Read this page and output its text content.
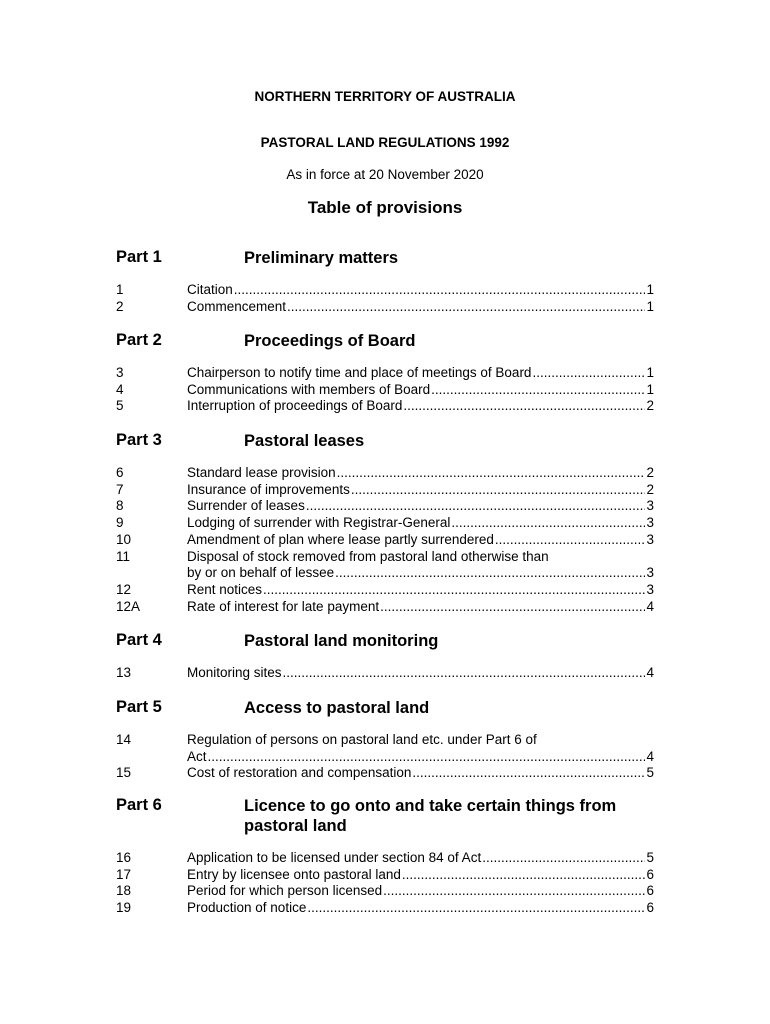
NORTHERN TERRITORY OF AUSTRALIA
PASTORAL LAND REGULATIONS 1992
As in force at 20 November 2020
Table of provisions
Part 1	Preliminary matters
1	Citation .....	1
2	Commencement .....	1
Part 2	Proceedings of Board
3	Chairperson to notify time and place of meetings of Board .....	1
4	Communications with members of Board .....	1
5	Interruption of proceedings of Board .....	2
Part 3	Pastoral leases
6	Standard lease provision .....	2
7	Insurance of improvements .....	2
8	Surrender of leases .....	3
9	Lodging of surrender with Registrar-General .....	3
10	Amendment of plan where lease partly surrendered .....	3
11	Disposal of stock removed from pastoral land otherwise than
by or on behalf of lessee .....	3
12	Rent notices .....	3
12A	Rate of interest for late payment .....	4
Part 4	Pastoral land monitoring
13	Monitoring sites .....	4
Part 5	Access to pastoral land
14	Regulation of persons on pastoral land etc. under Part 6 of
Act .....	4
15	Cost of restoration and compensation .....	5
Part 6	Licence to go onto and take certain things from pastoral land
16	Application to be licensed under section 84 of Act .....	5
17	Entry by licensee onto pastoral land .....	6
18	Period for which person licensed .....	6
19	Production of notice .....	6
